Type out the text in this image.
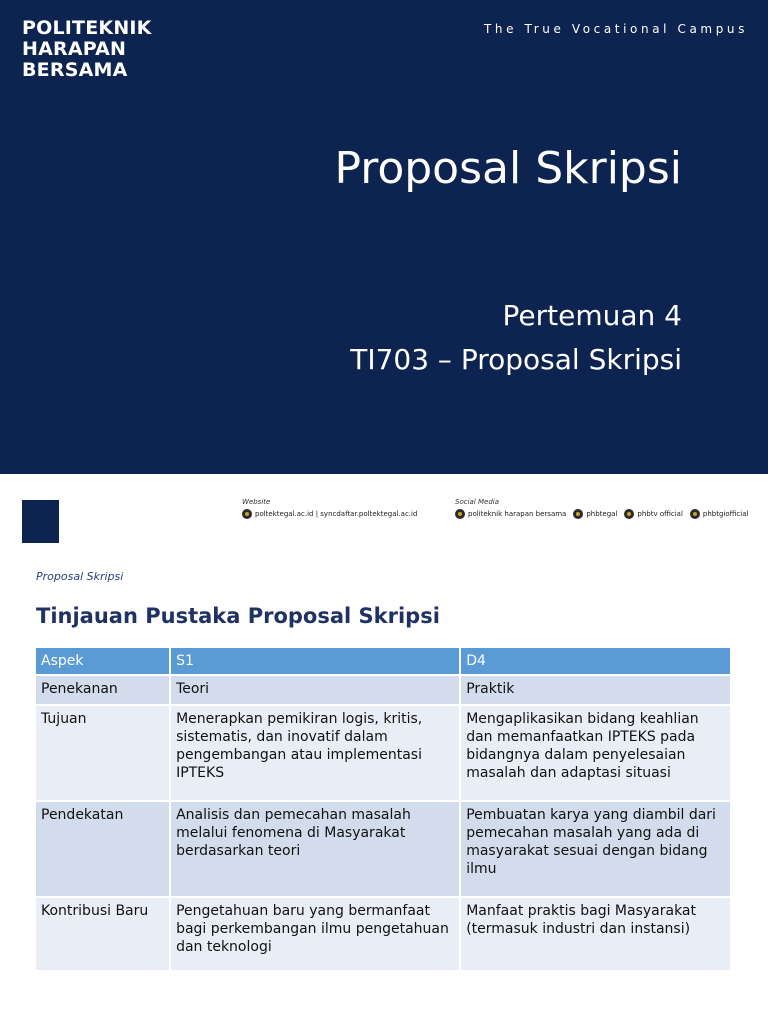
POLITEKNIK
HARAPAN
BERSAMA
The True Vocational Campus
Proposal Skripsi
Pertemuan 4
TI703 – Proposal Skripsi
Website
poltektegal.ac.id | syncdaftar.poltektegal.ac.id
Social Media
politeknik harapan bersama	phbtegal	phbtv official	phbtgiofficial
Proposal Skripsi
Tinjauan Pustaka Proposal Skripsi
Aspek	S1	D4
Penekanan	Teori	Praktik
Tujuan	Menerapkan pemikiran logis, kritis, sistematis, dan inovatif dalam pengembangan atau implementasi IPTEKS	Mengaplikasikan bidang keahlian dan memanfaatkan IPTEKS pada bidangnya dalam penyelesaian masalah dan adaptasi situasi
Pendekatan	Analisis dan pemecahan masalah melalui fenomena di Masyarakat berdasarkan teori	Pembuatan karya yang diambil dari pemecahan masalah yang ada di masyarakat sesuai dengan bidang ilmu
Kontribusi Baru	Pengetahuan baru yang bermanfaat bagi perkembangan ilmu pengetahuan dan teknologi	Manfaat praktis bagi Masyarakat (termasuk industri dan instansi)
